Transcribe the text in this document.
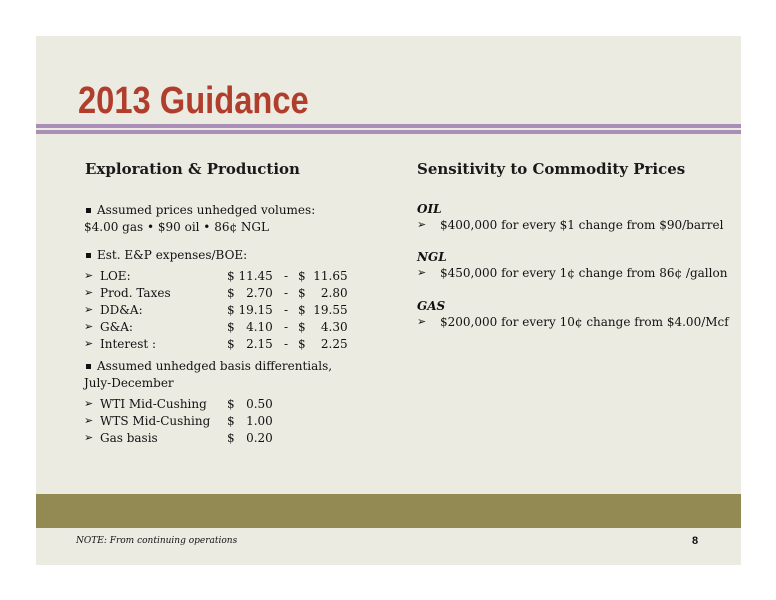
2013 Guidance
Exploration & Production
Assumed prices unhedged volumes:
$4.00 gas • $90 oil • 86¢ NGL
Est. E&P expenses/BOE:
➢ LOE:	$ 11.45 - $  11.65
➢ Prod. Taxes	$   2.70 - $    2.80
➢ DD&A:	$ 19.15 - $  19.55
➢ G&A:	$   4.10 - $    4.30
➢ Interest :	$   2.15 - $    2.25
Assumed unhedged basis differentials,
July-December
➢ WTI Mid-Cushing $   0.50
➢ WTS Mid-Cushing $   1.00
➢ Gas basis	$   0.20
Sensitivity to Commodity Prices
OIL
➢ $400,000 for every $1 change from $90/barrel
NGL
➢ $450,000 for every 1¢ change from 86¢ /gallon
GAS
➢ $200,000 for every 10¢ change from $4.00/Mcf
NOTE: From continuing operations	8
